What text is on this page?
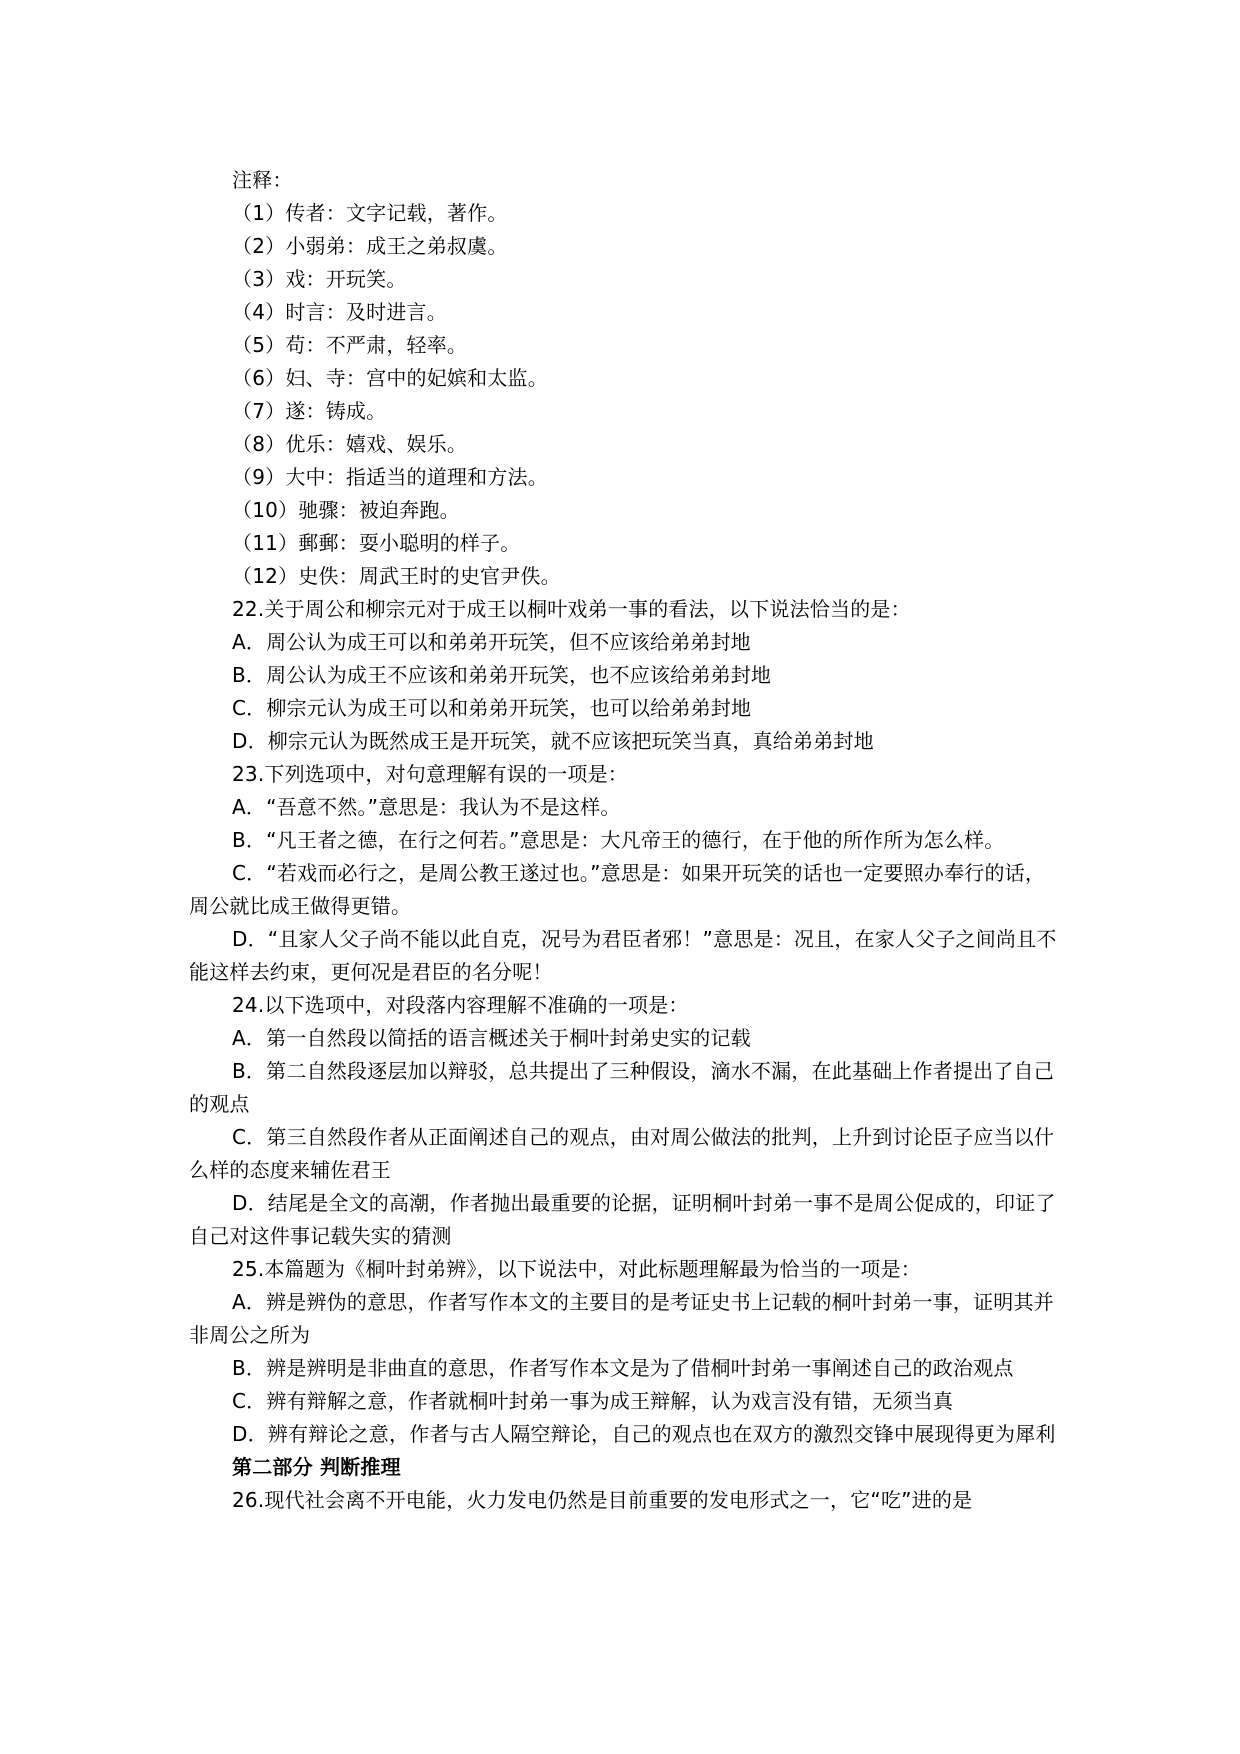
注释：

（1）传者：文字记载，著作。

（2）小弱弟：成王之弟叔虞。

（3）戏：开玩笑。

（4）时言：及时进言。

（5）苟：不严肃，轻率。

（6）妇、寺：宫中的妃嫔和太监。

（7）遂：铸成。

（8）优乐：嬉戏、娱乐。

（9）大中：指适当的道理和方法。

（10）驰骤：被迫奔跑。

（11）郵郵：耍小聪明的样子。

（12）史佚：周武王时的史官尹佚。

22.关于周公和柳宗元对于成王以桐叶戏弟一事的看法，以下说法恰当的是：

A．周公认为成王可以和弟弟开玩笑，但不应该给弟弟封地

B．周公认为成王不应该和弟弟开玩笑，也不应该给弟弟封地

C．柳宗元认为成王可以和弟弟开玩笑，也可以给弟弟封地

D．柳宗元认为既然成王是开玩笑，就不应该把玩笑当真，真给弟弟封地

23.下列选项中，对句意理解有误的一项是：

A．“吾意不然。”意思是：我认为不是这样。

B．“凡王者之德，在行之何若。”意思是：大凡帝王的德行，在于他的所作所为怎么样。

C．“若戏而必行之，是周公教王遂过也。”意思是：如果开玩笑的话也一定要照办奉行的话，周公就比成王做得更错。

D．“且家人父子尚不能以此自克，况号为君臣者邪！”意思是：况且，在家人父子之间尚且不能这样去约束，更何况是君臣的名分呢！

24.以下选项中，对段落内容理解不准确的一项是：

A．第一自然段以简括的语言概述关于桐叶封弟史实的记载

B．第二自然段逐层加以辩驳，总共提出了三种假设，滴水不漏，在此基础上作者提出了自己的观点

C．第三自然段作者从正面阐述自己的观点，由对周公做法的批判，上升到讨论臣子应当以什么样的态度来辅佐君王

D．结尾是全文的高潮，作者抛出最重要的论据，证明桐叶封弟一事不是周公促成的，印证了自己对这件事记载失实的猜测

25.本篇题为《桐叶封弟辨》，以下说法中，对此标题理解最为恰当的一项是：

A．辨是辨伪的意思，作者写作本文的主要目的是考证史书上记载的桐叶封弟一事，证明其并非周公之所为

B．辨是辨明是非曲直的意思，作者写作本文是为了借桐叶封弟一事阐述自己的政治观点

C．辨有辩解之意，作者就桐叶封弟一事为成王辩解，认为戏言没有错，无须当真

D．辨有辩论之意，作者与古人隔空辩论，自己的观点也在双方的激烈交锋中展现得更为犀利

第二部分 判断推理

26.现代社会离不开电能，火力发电仍然是目前重要的发电形式之一，它“吃”进的是
